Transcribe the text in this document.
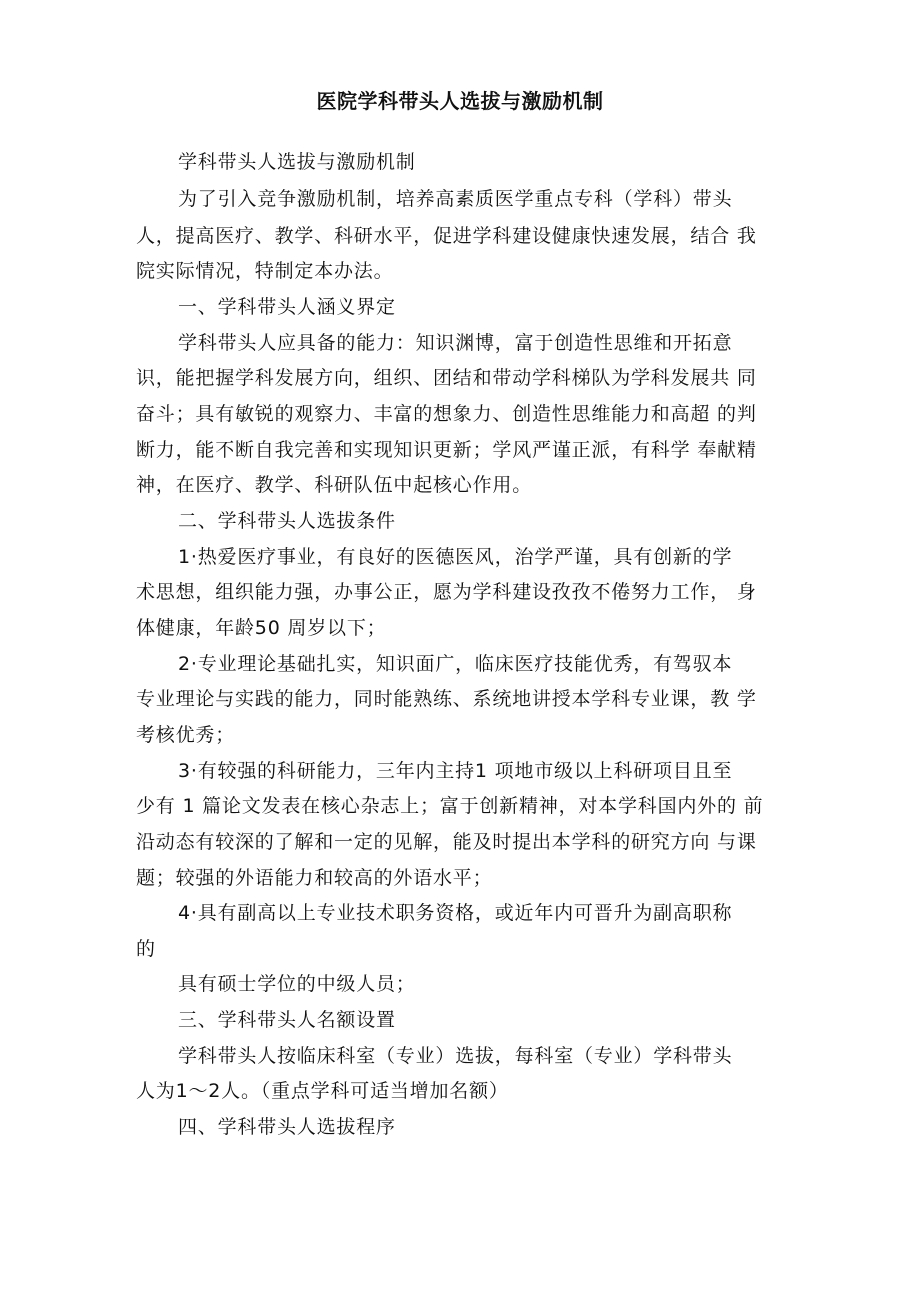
医院学科带头人选拔与激励机制
学科带头人选拔与激励机制
为了引入竞争激励机制，培养高素质医学重点专科（学科）带头
人，提高医疗、教学、科研水平，促进学科建设健康快速发展，结合 我
院实际情况，特制定本办法。
一、学科带头人涵义界定
学科带头人应具备的能力：知识渊博，富于创造性思维和开拓意
识，能把握学科发展方向，组织、团结和带动学科梯队为学科发展共 同
奋斗；具有敏锐的观察力、丰富的想象力、创造性思维能力和高超 的判
断力，能不断自我完善和实现知识更新；学风严谨正派，有科学 奉献精
神，在医疗、教学、科研队伍中起核心作用。
二、学科带头人选拔条件
1·热爱医疗事业，有良好的医德医风，治学严谨，具有创新的学
术思想，组织能力强，办事公正，愿为学科建设孜孜不倦努力工作， 身
体健康，年龄50 周岁以下；
2·专业理论基础扎实，知识面广，临床医疗技能优秀，有驾驭本
专业理论与实践的能力，同时能熟练、系统地讲授本学科专业课，教 学
考核优秀；
3·有较强的科研能力，三年内主持1 项地市级以上科研项目且至
少有 1 篇论文发表在核心杂志上；富于创新精神，对本学科国内外的 前
沿动态有较深的了解和一定的见解，能及时提出本学科的研究方向 与课
题；较强的外语能力和较高的外语水平；
4·具有副高以上专业技术职务资格，或近年内可晋升为副高职称
的
具有硕士学位的中级人员；
三、学科带头人名额设置
学科带头人按临床科室（专业）选拔，每科室（专业）学科带头
人为1～2人。（重点学科可适当增加名额）
四、学科带头人选拔程序
